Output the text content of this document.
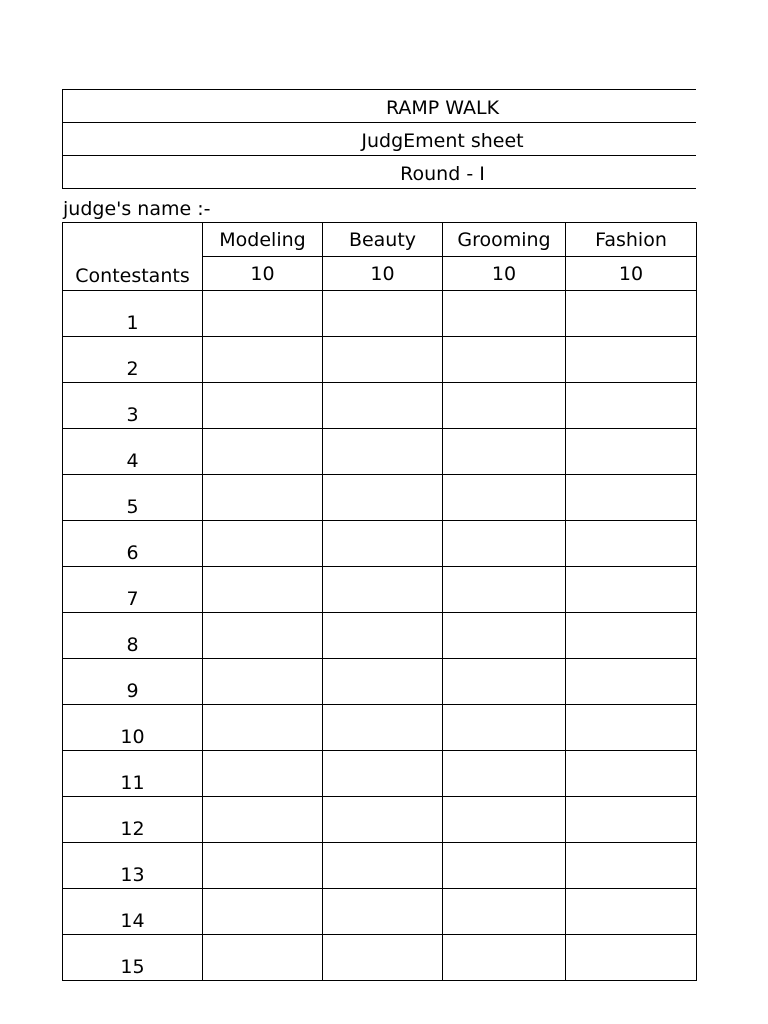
RAMP WALK
JudgEment sheet
Round - I
judge's name :-
Contestants	Modeling	Beauty	Grooming	Fashion
	10	10	10	10
1				
2				
3				
4				
5				
6				
7				
8				
9				
10				
11				
12				
13				
14				
15				
